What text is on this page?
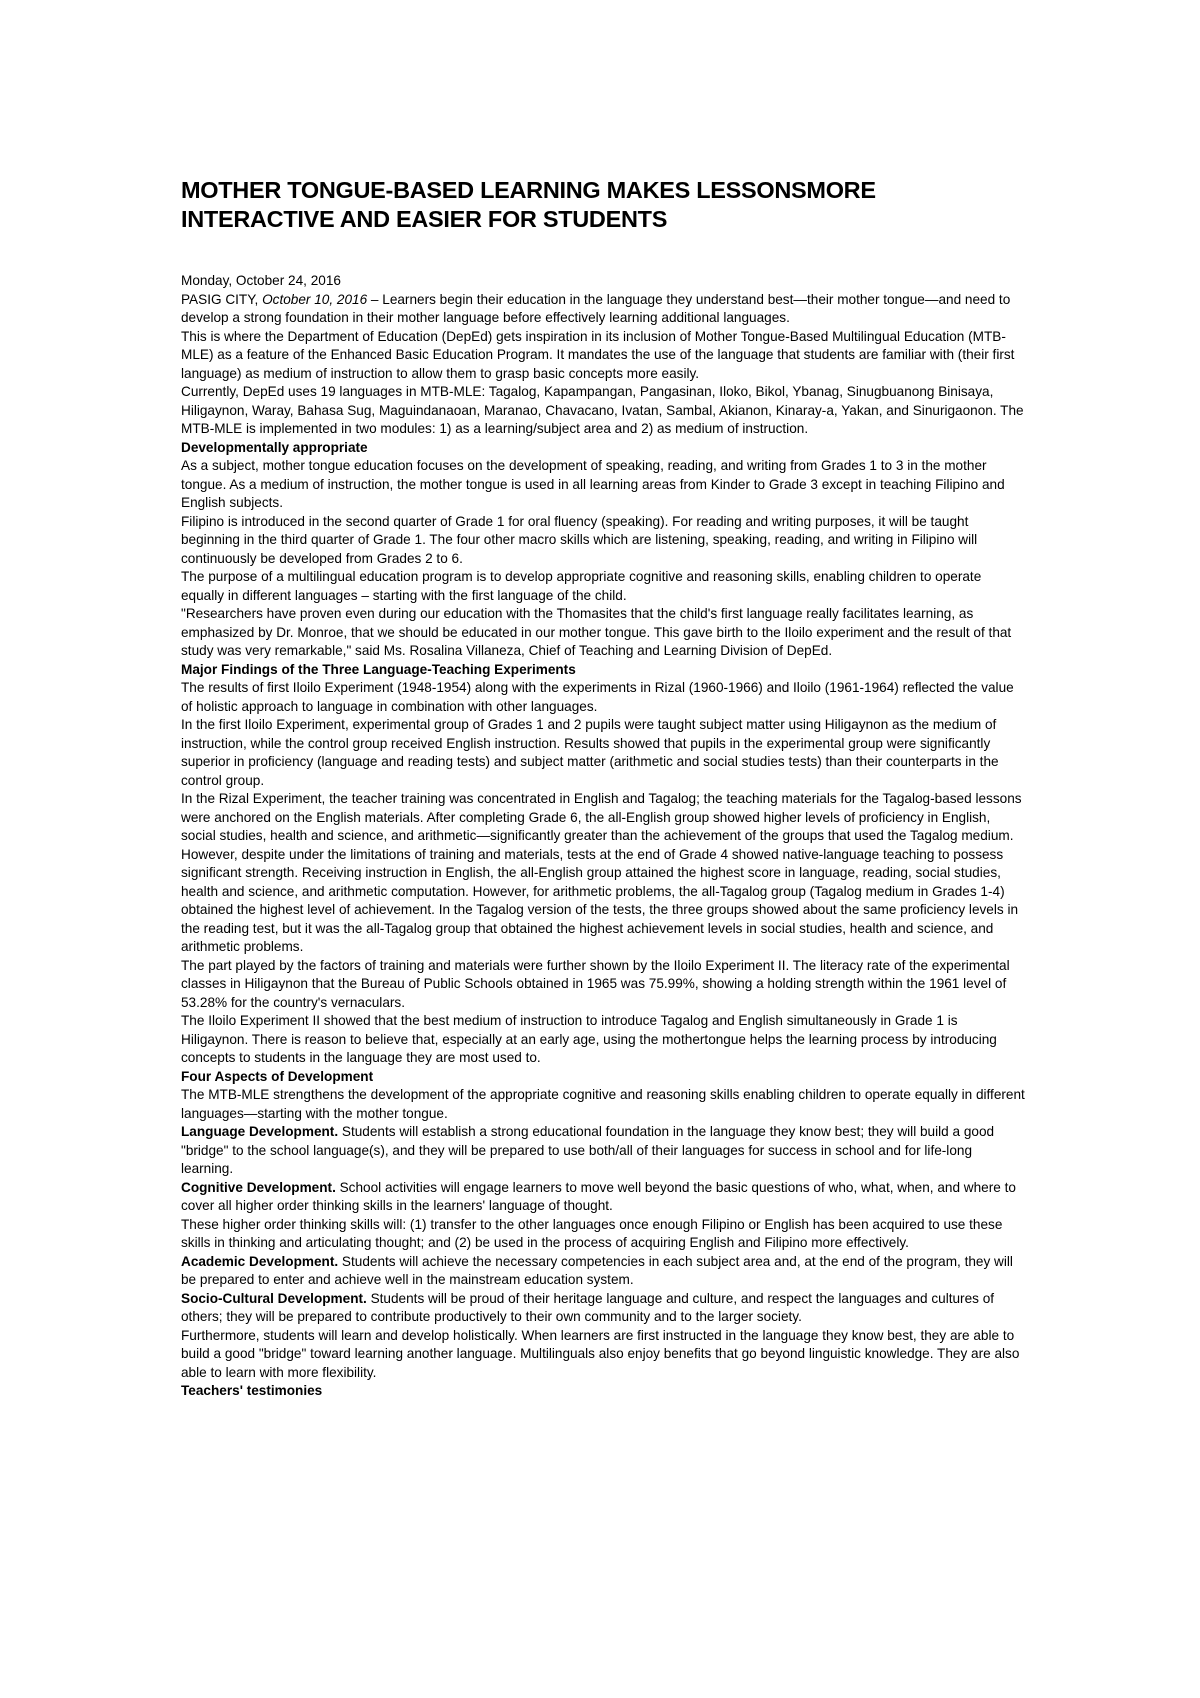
MOTHER TONGUE-BASED LEARNING MAKES LESSONSMORE INTERACTIVE AND EASIER FOR STUDENTS

Monday, October 24, 2016

PASIG CITY, October 10, 2016 – Learners begin their education in the language they understand best—their mother tongue—and need to develop a strong foundation in their mother language before effectively learning additional languages.

This is where the Department of Education (DepEd) gets inspiration in its inclusion of Mother Tongue-Based Multilingual Education (MTB-MLE) as a feature of the Enhanced Basic Education Program. It mandates the use of the language that students are familiar with (their first language) as medium of instruction to allow them to grasp basic concepts more easily.

Currently, DepEd uses 19 languages in MTB-MLE: Tagalog, Kapampangan, Pangasinan, Iloko, Bikol, Ybanag, Sinugbuanong Binisaya, Hiligaynon, Waray, Bahasa Sug, Maguindanaoan, Maranao, Chavacano, Ivatan, Sambal, Akianon, Kinaray-a, Yakan, and Sinurigaonon. The MTB-MLE is implemented in two modules: 1) as a learning/subject area and 2) as medium of instruction.

Developmentally appropriate

As a subject, mother tongue education focuses on the development of speaking, reading, and writing from Grades 1 to 3 in the mother tongue. As a medium of instruction, the mother tongue is used in all learning areas from Kinder to Grade 3 except in teaching Filipino and English subjects.

Filipino is introduced in the second quarter of Grade 1 for oral fluency (speaking). For reading and writing purposes, it will be taught beginning in the third quarter of Grade 1. The four other macro skills which are listening, speaking, reading, and writing in Filipino will continuously be developed from Grades 2 to 6.

The purpose of a multilingual education program is to develop appropriate cognitive and reasoning skills, enabling children to operate equally in different languages – starting with the first language of the child.

"Researchers have proven even during our education with the Thomasites that the child's first language really facilitates learning, as emphasized by Dr. Monroe, that we should be educated in our mother tongue. This gave birth to the Iloilo experiment and the result of that study was very remarkable," said Ms. Rosalina Villaneza, Chief of Teaching and Learning Division of DepEd.

Major Findings of the Three Language-Teaching Experiments

The results of first Iloilo Experiment (1948-1954) along with the experiments in Rizal (1960-1966) and Iloilo (1961-1964) reflected the value of holistic approach to language in combination with other languages.

In the first Iloilo Experiment, experimental group of Grades 1 and 2 pupils were taught subject matter using Hiligaynon as the medium of instruction, while the control group received English instruction. Results showed that pupils in the experimental group were significantly superior in proficiency (language and reading tests) and subject matter (arithmetic and social studies tests) than their counterparts in the control group.

In the Rizal Experiment, the teacher training was concentrated in English and Tagalog; the teaching materials for the Tagalog-based lessons were anchored on the English materials. After completing Grade 6, the all-English group showed higher levels of proficiency in English, social studies, health and science, and arithmetic—significantly greater than the achievement of the groups that used the Tagalog medium.

However, despite under the limitations of training and materials, tests at the end of Grade 4 showed native-language teaching to possess significant strength. Receiving instruction in English, the all-English group attained the highest score in language, reading, social studies, health and science, and arithmetic computation. However, for arithmetic problems, the all-Tagalog group (Tagalog medium in Grades 1-4) obtained the highest level of achievement. In the Tagalog version of the tests, the three groups showed about the same proficiency levels in the reading test, but it was the all-Tagalog group that obtained the highest achievement levels in social studies, health and science, and arithmetic problems.

The part played by the factors of training and materials were further shown by the Iloilo Experiment II. The literacy rate of the experimental classes in Hiligaynon that the Bureau of Public Schools obtained in 1965 was 75.99%, showing a holding strength within the 1961 level of 53.28% for the country's vernaculars.

The Iloilo Experiment II showed that the best medium of instruction to introduce Tagalog and English simultaneously in Grade 1 is Hiligaynon. There is reason to believe that, especially at an early age, using the mothertongue helps the learning process by introducing concepts to students in the language they are most used to.

Four Aspects of Development

The MTB-MLE strengthens the development of the appropriate cognitive and reasoning skills enabling children to operate equally in different languages—starting with the mother tongue.

Language Development. Students will establish a strong educational foundation in the language they know best; they will build a good "bridge" to the school language(s), and they will be prepared to use both/all of their languages for success in school and for life-long learning.

Cognitive Development. School activities will engage learners to move well beyond the basic questions of who, what, when, and where to cover all higher order thinking skills in the learners' language of thought.

These higher order thinking skills will: (1) transfer to the other languages once enough Filipino or English has been acquired to use these skills in thinking and articulating thought; and (2) be used in the process of acquiring English and Filipino more effectively.

Academic Development. Students will achieve the necessary competencies in each subject area and, at the end of the program, they will be prepared to enter and achieve well in the mainstream education system.

Socio-Cultural Development. Students will be proud of their heritage language and culture, and respect the languages and cultures of others; they will be prepared to contribute productively to their own community and to the larger society.

Furthermore, students will learn and develop holistically. When learners are first instructed in the language they know best, they are able to build a good "bridge" toward learning another language. Multilinguals also enjoy benefits that go beyond linguistic knowledge. They are also able to learn with more flexibility.

Teachers' testimonies
